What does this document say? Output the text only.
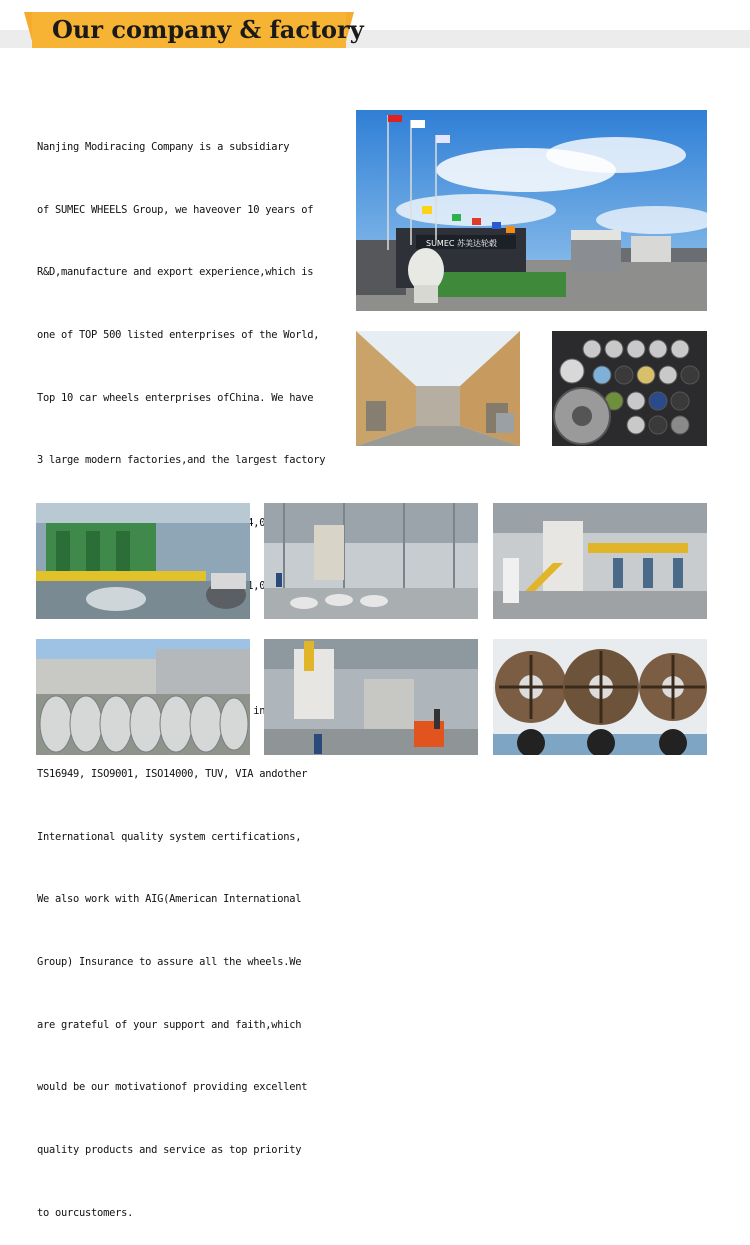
Our company & factory

Nanjing Modiracing Company is a subsidiary

of SUMEC WHEELS Group, we haveover 10 years of

R&D,manufacture and export experience,which is

one of TOP 500 listed enterprises of the World,

Top 10 car wheels enterprises ofChina. We have

3 large modern factories,and the largest factory

114,000

TS16949, ISO9001, ISO14000, TUV, VIA andother

International quality system certifications,

We also work with AIG(American International

Group) Insurance to assure all the wheels.We

are grateful of your support and faith,which

would be our motivationof providing excellent

quality products and service as top priority

to ourcustomers.

SUMEC 苏美达轮毂
